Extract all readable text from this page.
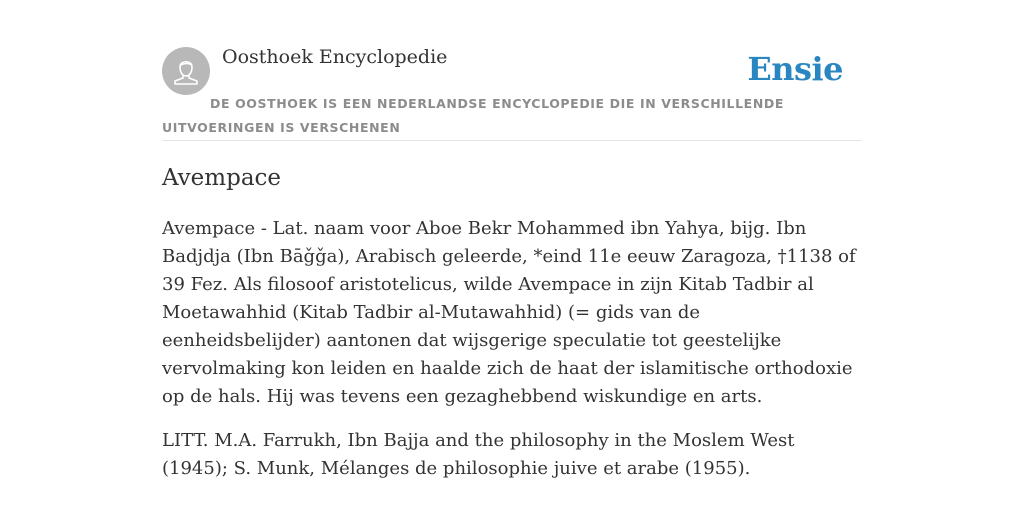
Oosthoek Encyclopedie	Ensie
DE OOSTHOEK IS EEN NEDERLANDSE ENCYCLOPEDIE DIE IN VERSCHILLENDE UITVOERINGEN IS VERSCHENEN
Avempace

Avempace - Lat. naam voor Aboe Bekr Mohammed ibn Yahya, bijg. Ibn Badjdja (Ibn Bāǧǧa), Arabisch geleerde, *eind 11e eeuw Zaragoza, †1138 of 39 Fez. Als filosoof aristotelicus, wilde Avempace in zijn Kitab Tadbir al Moetawahhid (Kitab Tadbir al-Mutawahhid) (= gids van de eenheidsbelijder) aantonen dat wijsgerige speculatie tot geestelijke vervolmaking kon leiden en haalde zich de haat der islamitische orthodoxie op de hals. Hij was tevens een gezaghebbend wiskundige en arts.

LITT. M.A. Farrukh, Ibn Bajja and the philosophy in the Moslem West (1945); S. Munk, Mélanges de philosophie juive et arabe (1955).
